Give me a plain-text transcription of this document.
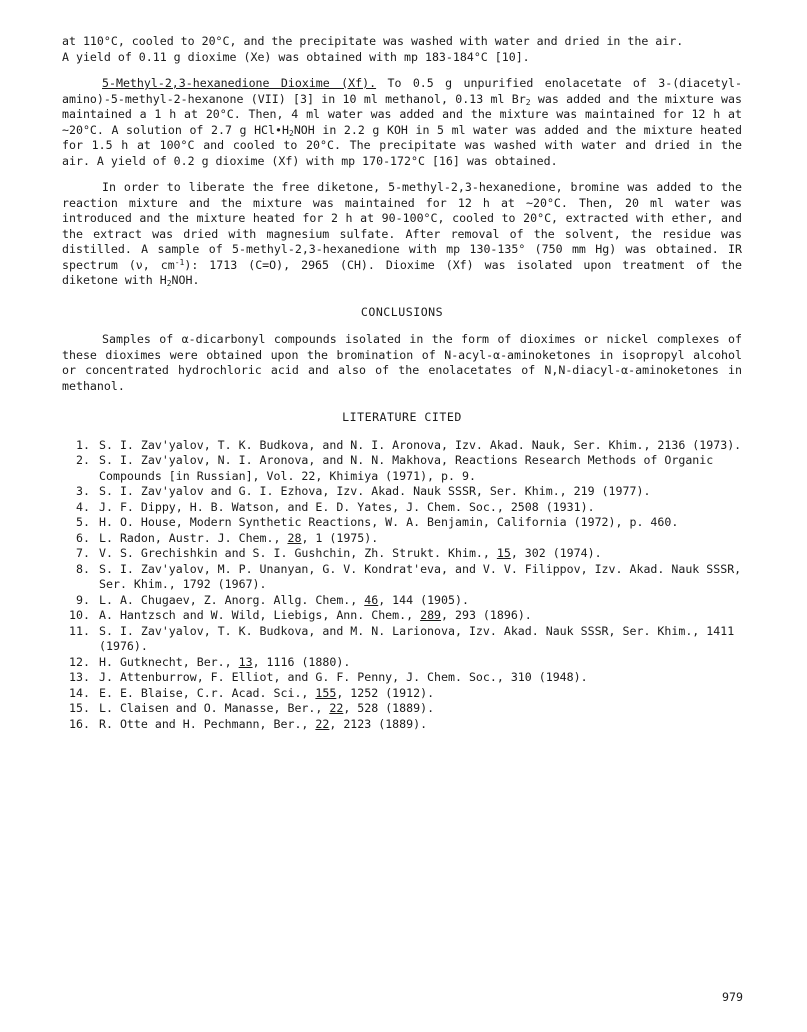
at 110°C, cooled to 20°C, and the precipitate was washed with water and dried in the air.
A yield of 0.11 g dioxime (Xe) was obtained with mp 183-184°C [10].

5-Methyl-2,3-hexanedione Dioxime (Xf). To 0.5 g unpurified enolacetate of 3-(diacetyl-amino)-5-methyl-2-hexanone (VII) [3] in 10 ml methanol, 0.13 ml $Br_2$ was added and the mixture was maintained a 1 h at 20°C. Then, 4 ml water was added and the mixture was maintained for 12 h at ~20°C. A solution of 2.7 g $HCl•H_2NOH$ in 2.2 g KOH in 5 ml water was added and the mixture heated for 1.5 h at 100°C and cooled to 20°C. The precipitate was washed with water and dried in the air. A yield of 0.2 g dioxime (Xf) with mp 170-172°C [16] was obtained.

In order to liberate the free diketone, 5-methyl-2,3-hexanedione, bromine was added to the reaction mixture and the mixture was maintained for 12 h at ~20°C. Then, 20 ml water was introduced and the mixture heated for 2 h at 90-100°C, cooled to 20°C, extracted with ether, and the extract was dried with magnesium sulfate. After removal of the solvent, the residue was distilled. A sample of 5-methyl-2,3-hexanedione with mp 130-135° (750 mm Hg) was obtained. IR spectrum (ν, $cm^{-1}$): 1713 (C=O), 2965 (CH). Dioxime (Xf) was isolated upon treatment of the diketone with $H_2NOH$.

CONCLUSIONS

Samples of α-dicarbonyl compounds isolated in the form of dioximes or nickel complexes of these dioximes were obtained upon the bromination of N-acyl-α-aminoketones in isopropyl alcohol or concentrated hydrochloric acid and also of the enolacetates of N,N-diacyl-α-aminoketones in methanol.

LITERATURE CITED
1. S. I. Zav'yalov, T. K. Budkova, and N. I. Aronova, Izv. Akad. Nauk, Ser. Khim., 2136 (1973).
2. S. I. Zav'yalov, N. I. Aronova, and N. N. Makhova, Reactions Research Methods of Organic Compounds [in Russian], Vol. 22, Khimiya (1971), p. 9.
3. S. I. Zav'yalov and G. I. Ezhova, Izv. Akad. Nauk SSSR, Ser. Khim., 219 (1977).
4. J. F. Dippy, H. B. Watson, and E. D. Yates, J. Chem. Soc., 2508 (1931).
5. H. O. House, Modern Synthetic Reactions, W. A. Benjamin, California (1972), p. 460.
6. L. Radon, Austr. J. Chem., 28, 1 (1975).
7. V. S. Grechishkin and S. I. Gushchin, Zh. Strukt. Khim., 15, 302 (1974).
8. S. I. Zav'yalov, M. P. Unanyan, G. V. Kondrat'eva, and V. V. Filippov, Izv. Akad. Nauk SSSR, Ser. Khim., 1792 (1967).
9. L. A. Chugaev, Z. Anorg. Allg. Chem., 46, 144 (1905).
10. A. Hantzsch and W. Wild, Liebigs, Ann. Chem., 289, 293 (1896).
11. S. I. Zav'yalov, T. K. Budkova, and M. N. Larionova, Izv. Akad. Nauk SSSR, Ser. Khim., 1411 (1976).
12. H. Gutknecht, Ber., 13, 1116 (1880).
13. J. Attenburrow, F. Elliot, and G. F. Penny, J. Chem. Soc., 310 (1948).
14. E. E. Blaise, C.r. Acad. Sci., 155, 1252 (1912).
15. L. Claisen and O. Manasse, Ber., 22, 528 (1889).
16. R. Otte and H. Pechmann, Ber., 22, 2123 (1889).
979
